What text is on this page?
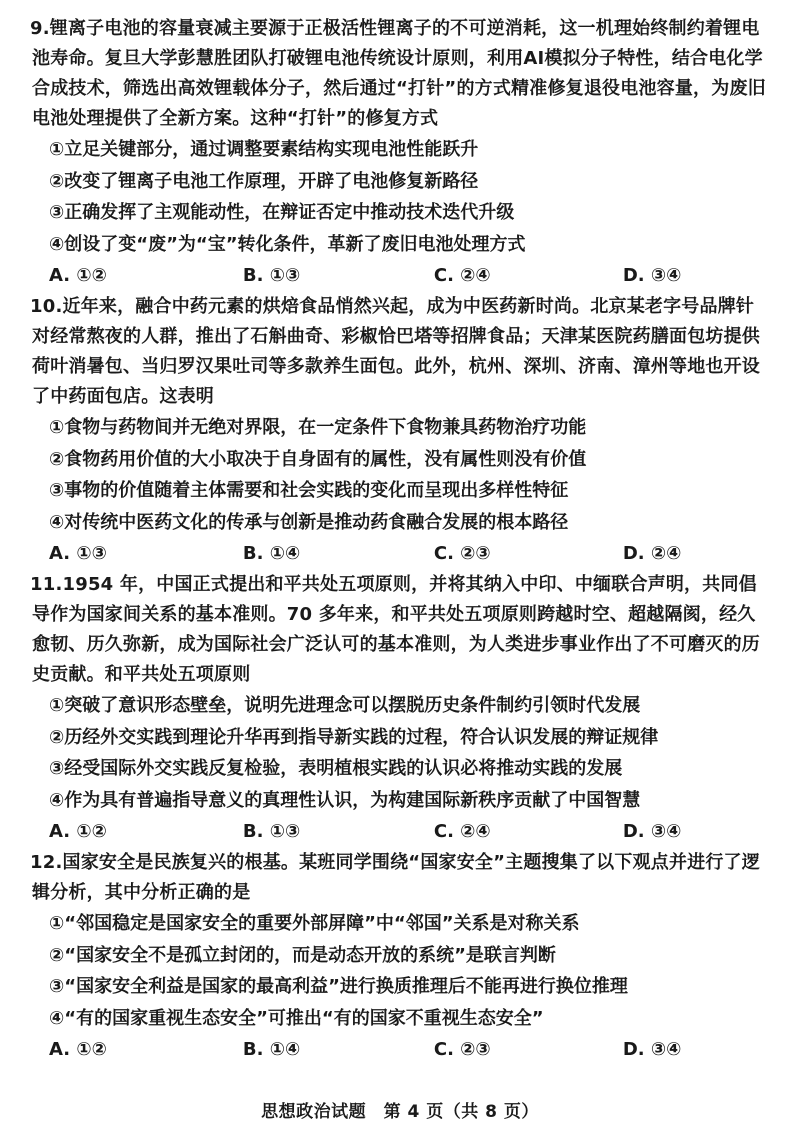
9.锂离子电池的容量衰减主要源于正极活性锂离子的不可逆消耗，这一机理始终制约着锂电池寿命。复旦大学彭慧胜团队打破锂电池传统设计原则，利用AI模拟分子特性，结合电化学合成技术，筛选出高效锂载体分子，然后通过“打针”的方式精准修复退役电池容量，为废旧电池处理提供了全新方案。这种“打针”的修复方式
①立足关键部分，通过调整要素结构实现电池性能跃升
②改变了锂离子电池工作原理，开辟了电池修复新路径
③正确发挥了主观能动性，在辩证否定中推动技术迭代升级
④创设了变“废”为“宝”转化条件，革新了废旧电池处理方式
A. ①②	B. ①③	C. ②④	D. ③④
10.近年来，融合中药元素的烘焙食品悄然兴起，成为中医药新时尚。北京某老字号品牌针对经常熬夜的人群，推出了石斛曲奇、彩椒恰巴塔等招牌食品；天津某医院药膳面包坊提供荷叶消暑包、当归罗汉果吐司等多款养生面包。此外，杭州、深圳、济南、漳州等地也开设了中药面包店。这表明
①食物与药物间并无绝对界限，在一定条件下食物兼具药物治疗功能
②食物药用价值的大小取决于自身固有的属性，没有属性则没有价值
③事物的价值随着主体需要和社会实践的变化而呈现出多样性特征
④对传统中医药文化的传承与创新是推动药食融合发展的根本路径
A. ①③	B. ①④	C. ②③	D. ②④
11.1954 年，中国正式提出和平共处五项原则，并将其纳入中印、中缅联合声明，共同倡导作为国家间关系的基本准则。70 多年来，和平共处五项原则跨越时空、超越隔阂，经久愈韧、历久弥新，成为国际社会广泛认可的基本准则，为人类进步事业作出了不可磨灭的历史贡献。和平共处五项原则
①突破了意识形态壁垒，说明先进理念可以摆脱历史条件制约引领时代发展
②历经外交实践到理论升华再到指导新实践的过程，符合认识发展的辩证规律
③经受国际外交实践反复检验，表明植根实践的认识必将推动实践的发展
④作为具有普遍指导意义的真理性认识，为构建国际新秩序贡献了中国智慧
A. ①②	B. ①③	C. ②④	D. ③④
12.国家安全是民族复兴的根基。某班同学围绕“国家安全”主题搜集了以下观点并进行了逻辑分析，其中分析正确的是
①“邻国稳定是国家安全的重要外部屏障”中“邻国”关系是对称关系
②“国家安全不是孤立封闭的，而是动态开放的系统”是联言判断
③“国家安全利益是国家的最高利益”进行换质推理后不能再进行换位推理
④“有的国家重视生态安全”可推出“有的国家不重视生态安全”
A. ①②	B. ①④	C. ②③	D. ③④
思想政治试题　第 4 页（共 8 页）
